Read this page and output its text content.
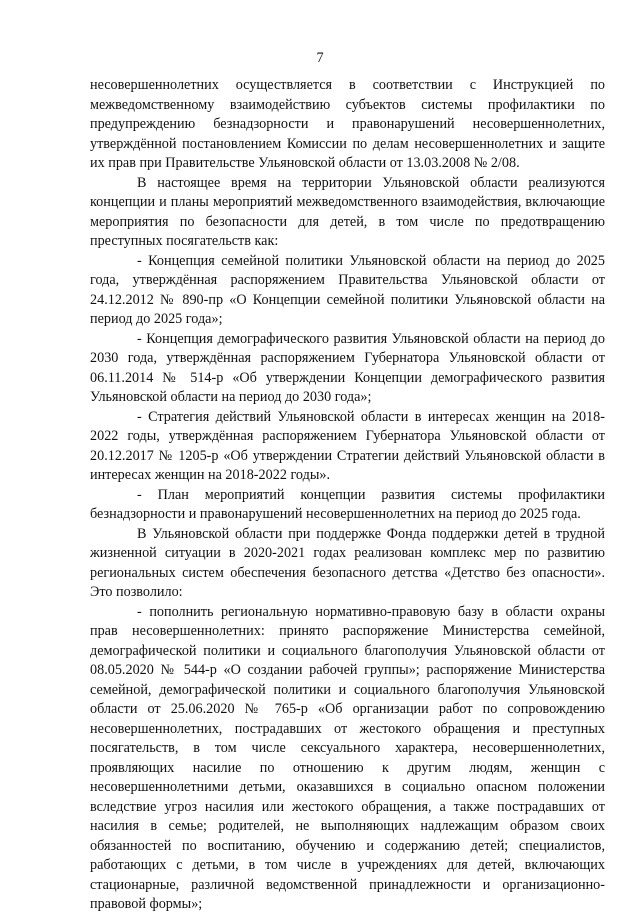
7

несовершеннолетних осуществляется в соответствии с Инструкцией по межведомственному взаимодействию субъектов системы профилактики по предупреждению безнадзорности и правонарушений несовершеннолетних, утверждённой постановлением Комиссии по делам несовершеннолетних и защите их прав при Правительстве Ульяновской области от 13.03.2008 № 2/08.

В настоящее время на территории Ульяновской области реализуются концепции и планы мероприятий межведомственного взаимодействия, включающие мероприятия по безопасности для детей, в том числе по предотвращению преступных посягательств как:

- Концепция семейной политики Ульяновской области на период до 2025 года, утверждённая распоряжением Правительства Ульяновской области от 24.12.2012 № 890-пр «О Концепции семейной политики Ульяновской области на период до 2025 года»;

- Концепция демографического развития Ульяновской области на период до 2030 года, утверждённая распоряжением Губернатора Ульяновской области от 06.11.2014 № 514-р «Об утверждении Концепции демографического развития Ульяновской области на период до 2030 года»;

- Стратегия действий Ульяновской области в интересах женщин на 2018-2022 годы, утверждённая распоряжением Губернатора Ульяновской области от 20.12.2017 № 1205-р «Об утверждении Стратегии действий Ульяновской области в интересах женщин на 2018-2022 годы».

- План мероприятий концепции развития системы профилактики безнадзорности и правонарушений несовершеннолетних на период до 2025 года.

В Ульяновской области при поддержке Фонда поддержки детей в трудной жизненной ситуации в 2020-2021 годах реализован комплекс мер по развитию региональных систем обеспечения безопасного детства «Детство без опасности». Это позволило:

- пополнить региональную нормативно-правовую базу в области охраны прав несовершеннолетних: принято распоряжение Министерства семейной, демографической политики и социального благополучия Ульяновской области от 08.05.2020 № 544-р «О создании рабочей группы»; распоряжение Министерства семейной, демографической политики и социального благополучия Ульяновской области от 25.06.2020 № 765-р «Об организации работ по сопровождению несовершеннолетних, пострадавших от жестокого обращения и преступных посягательств, в том числе сексуального характера, несовершеннолетних, проявляющих насилие по отношению к другим людям, женщин с несовершеннолетними детьми, оказавшихся в социально опасном положении вследствие угроз насилия или жестокого обращения, а также пострадавших от насилия в семье; родителей, не выполняющих надлежащим образом своих обязанностей по воспитанию, обучению и содержанию детей; специалистов, работающих с детьми, в том числе в учреждениях для детей, включающих стационарные, различной ведомственной принадлежности и организационно-правовой формы»;
